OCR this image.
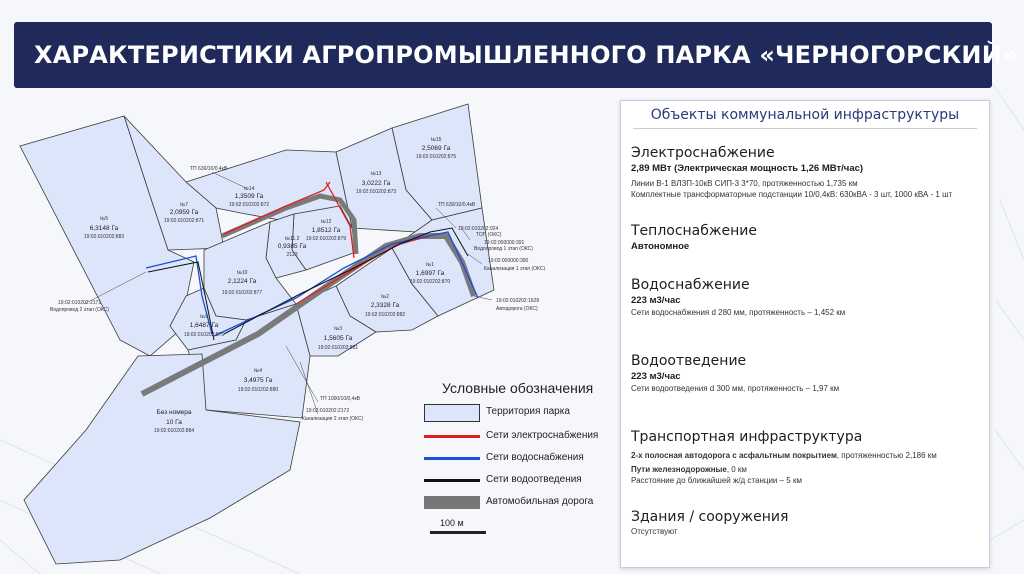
ХАРАКТЕРИСТИКИ АГРОПРОМЫШЛЕННОГО ПАРКА «ЧЕРНОГОРСКИЙ»
№15
2,5069 Га
19:02:010202:875
№13
3,0222 Га
19:02:010202:873
№14
1,3509 Га
19:02:010202:872
№7
2,0959 Га
19:02:010202:871
№5
6,3148 Га
19:02:010202:883
№12
1,8512 Га
19:02:010202:879
№11.2
0,9385 Га
2123
№1
1,6997 Га
19:02:010202:870
№10
2,1224 Га
19:02:010202:877
№2
2,3328 Га
19:02:010202:882
№9
1,6487 Га
19:02:010202:876
№3
1,5605 Га
19:02:010202:881
№4
3,4975 Га
19:02:010202:880
Без номера
10 Га
19:02:010202:884
ТП 630/10/0,4кВ
ТП 630/10/0,4кВ
19:02:010202:924
ТОП (ОКС)
19:02:000000:391
Водопровод 1 этап (ОКС)
19:02:000000:390
Канализация 1 этап (ОКС)
19:02:010202:1628
Автодорога (ОКС)
19:02:010202:2171
Водопровод 2 этап (ОКС)
ТП 1000/10/0,4кВ
19:02:010202:2172
Канализация 2 этап (ОКС)
Условные обозначения
Территория парка
Сети электроснабжения
Сети водоснабжения
Сети водоотведения
Автомобильная дорога
100 м
Объекты коммунальной инфраструктуры
Электроснабжение
2,89 МВт (Электрическая мощность 1,26 МВт/час)
Линии В-1 ВЛЗП-10кВ СИП-3 3*70, протяженностью 1,735 км
Комплектные трансформаторные подстанции 10/0,4кВ: 630кВА - 3 шт, 1000 кВА - 1 шт
Теплоснабжение
Автономное
Водоснабжение
223 м3/час
Сети водоснабжения d 280 мм, протяженность – 1,452 км
Водоотведение
223 м3/час
Сети водоотведения d 300 мм, протяженность – 1,97 км
Транспортная инфраструктура
2-х полосная автодорога с асфальтным покрытием, протяженностью 2,186 км
Пути железнодорожные, 0 км
Расстояние до ближайшей ж/д станции – 5 км
Здания / сооружения
Отсутствуют
